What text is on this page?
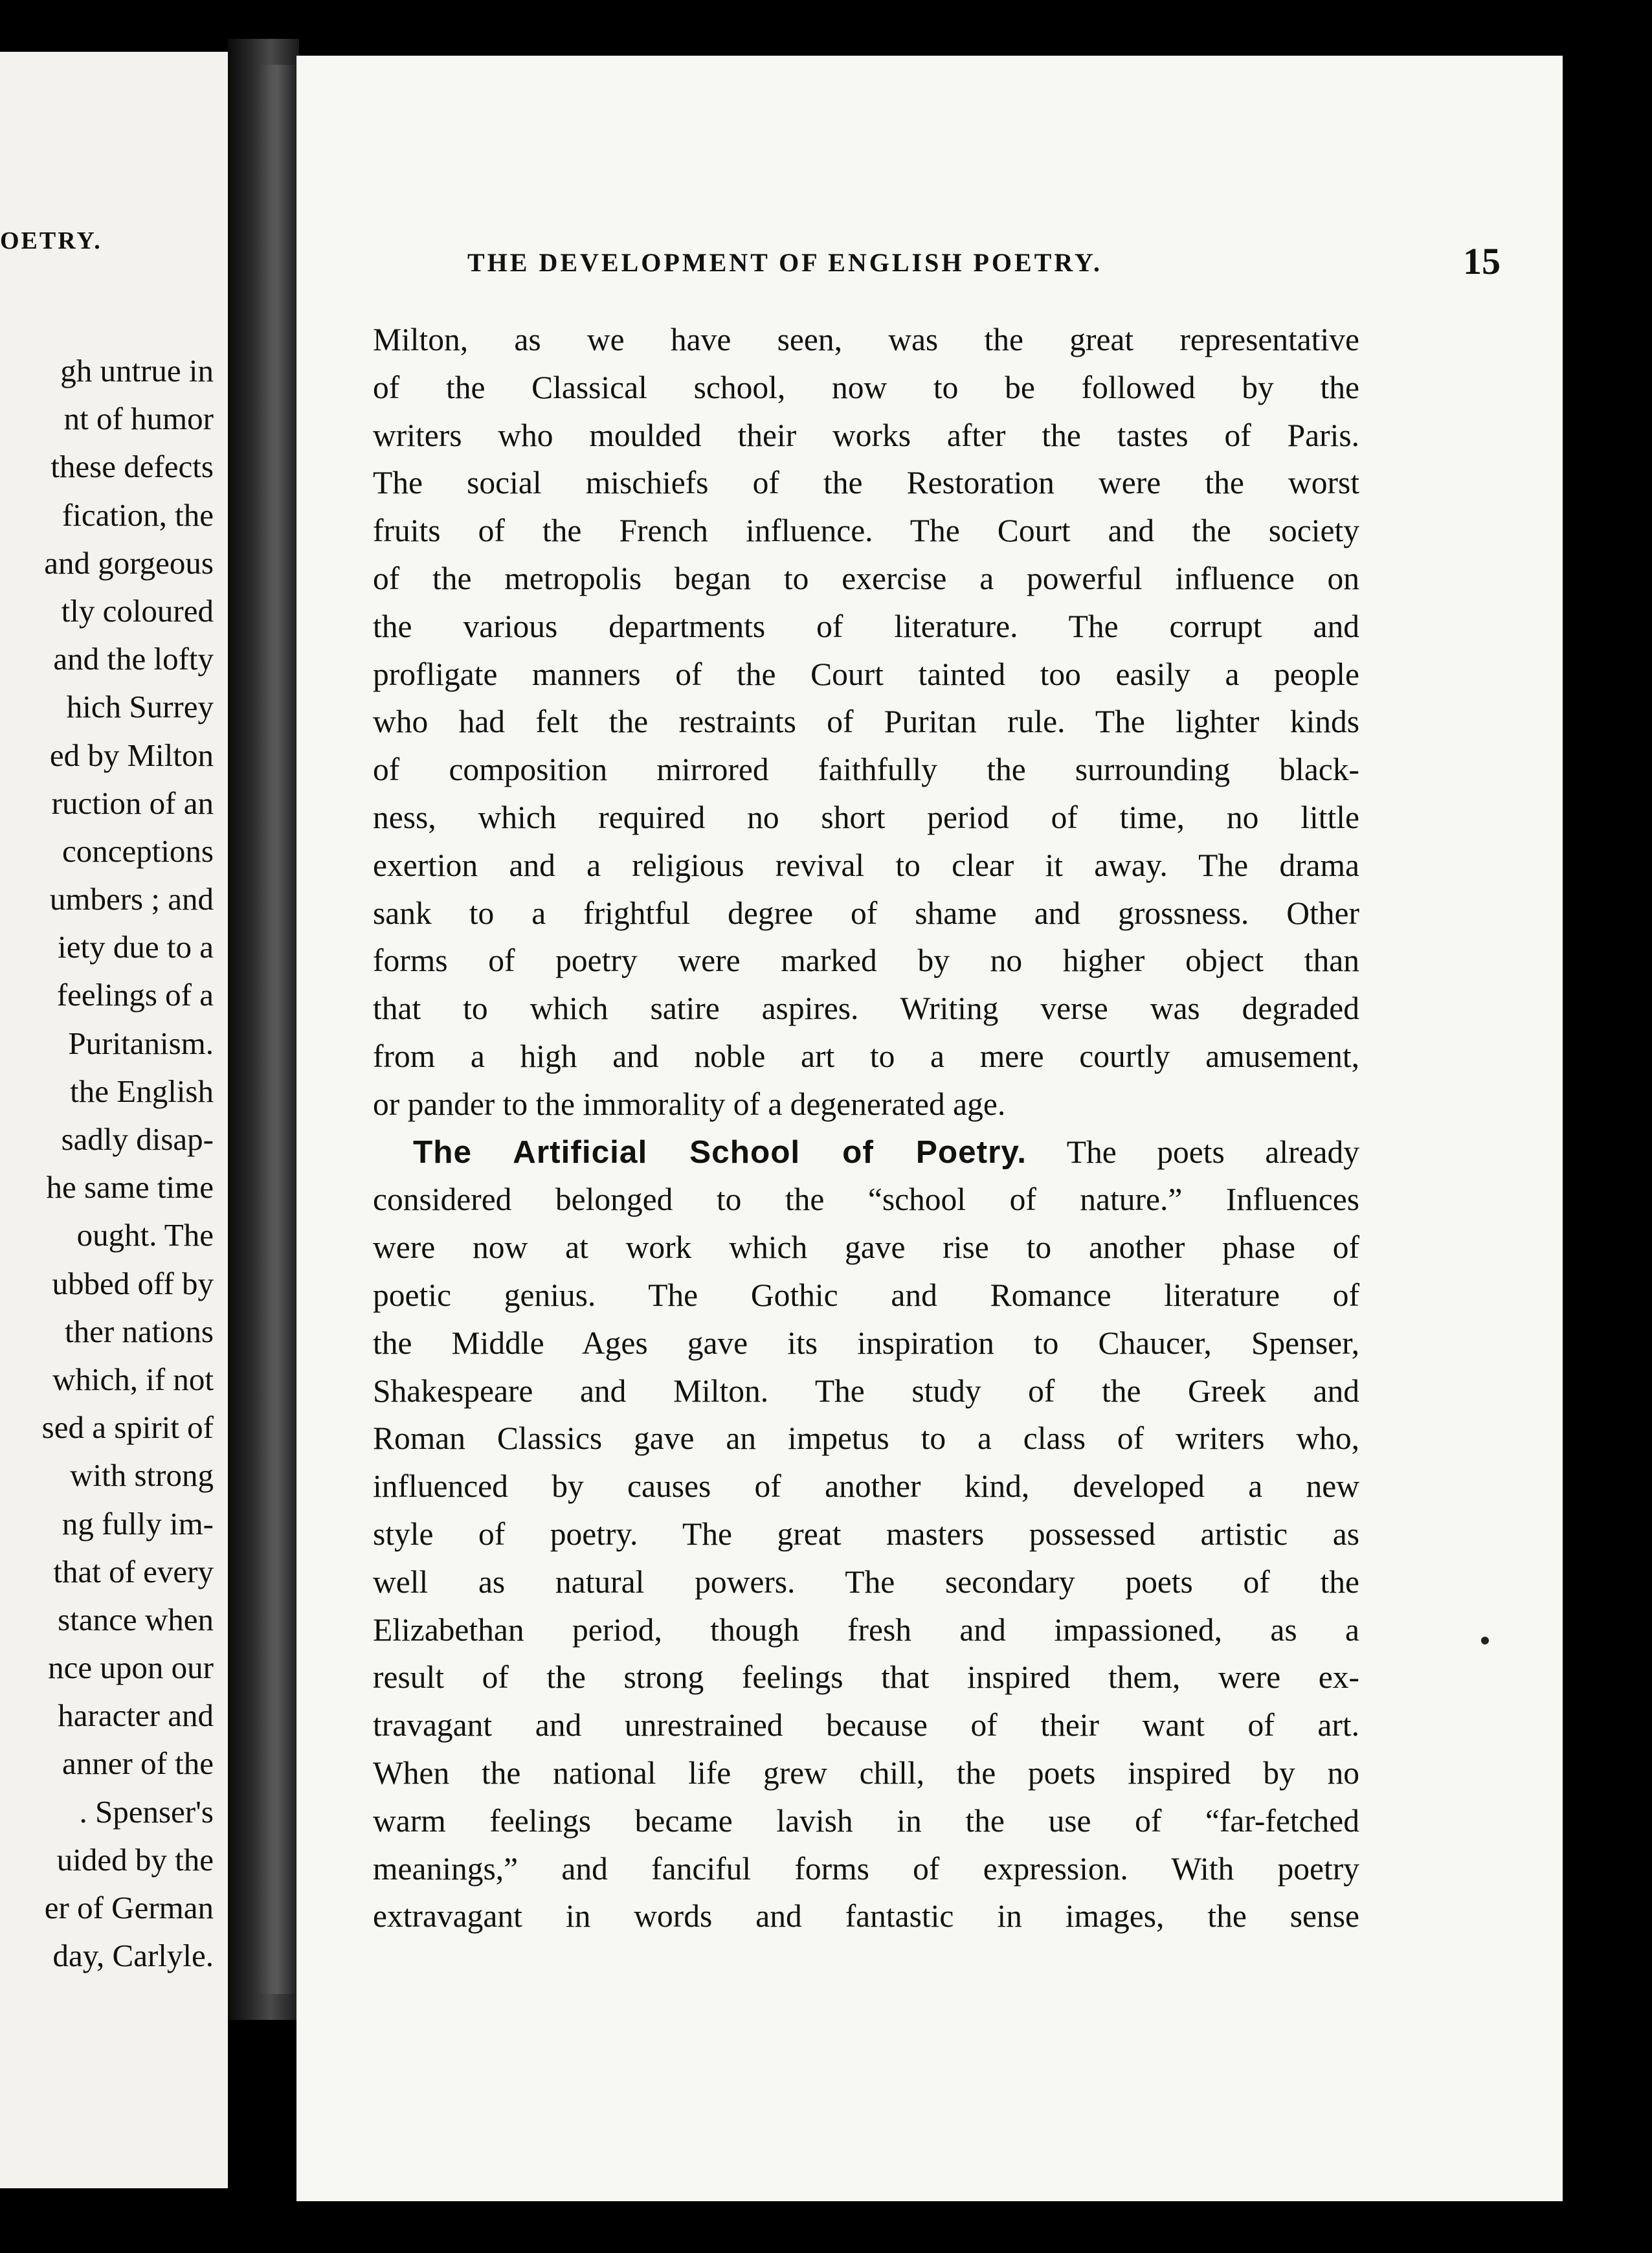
OETRY.
gh untrue in
nt of humor
these defects
fication, the
and gorgeous
tly coloured
and the lofty
hich Surrey
ed by Milton
ruction of an
conceptions
umbers ; and
iety due to a
feelings of a
Puritanism.
the English
sadly disap-
he same time
ought. The
ubbed off by
ther nations
which, if not
sed a spirit of
with strong
ng fully im-
that of every
stance when
nce upon our
haracter and
anner of the
. Spenser's
uided by the
er of German
day, Carlyle.
THE DEVELOPMENT OF ENGLISH POETRY.	15
Milton, as we have seen, was the great representative
of the Classical school, now to be followed by the
writers who moulded their works after the tastes of Paris.
The social mischiefs of the Restoration were the worst
fruits of the French influence. The Court and the society
of the metropolis began to exercise a powerful influence on
the various departments of literature. The corrupt and
profligate manners of the Court tainted too easily a people
who had felt the restraints of Puritan rule. The lighter kinds
of composition mirrored faithfully the surrounding black-
ness, which required no short period of time, no little
exertion and a religious revival to clear it away. The drama
sank to a frightful degree of shame and grossness. Other
forms of poetry were marked by no higher object than
that to which satire aspires. Writing verse was degraded
from a high and noble art to a mere courtly amusement,
or pander to the immorality of a degenerated age.
The Artificial School of Poetry. The poets already
considered belonged to the “school of nature.” Influences
were now at work which gave rise to another phase of
poetic genius. The Gothic and Romance literature of
the Middle Ages gave its inspiration to Chaucer, Spenser,
Shakespeare and Milton. The study of the Greek and
Roman Classics gave an impetus to a class of writers who,
influenced by causes of another kind, developed a new
style of poetry. The great masters possessed artistic as
well as natural powers. The secondary poets of the
Elizabethan period, though fresh and impassioned, as a
result of the strong feelings that inspired them, were ex-
travagant and unrestrained because of their want of art.
When the national life grew chill, the poets inspired by no
warm feelings became lavish in the use of “far-fetched
meanings,” and fanciful forms of expression. With poetry
extravagant in words and fantastic in images, the sense
